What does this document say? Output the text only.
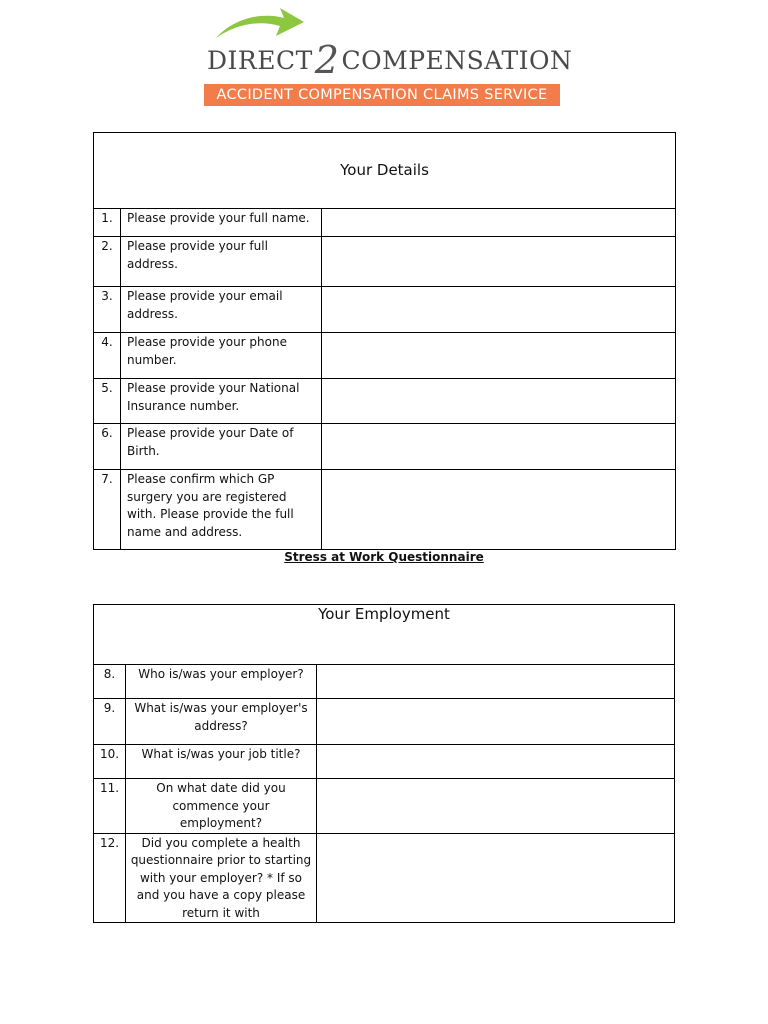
DIRECT2COMPENSATION
ACCIDENT COMPENSATION CLAIMS SERVICE
Your Details		
1.	Please provide your full name.	
2.	Please provide your full address.	
3.	Please provide your email address.	
4.	Please provide your phone number.	
5.	Please provide your National Insurance number.	
6.	Please provide your Date of Birth.	
7.	Please confirm which GP surgery you are registered with. Please provide the full name and address.	
Stress at Work Questionnaire
Your Employment		
8.	Who is/was your employer?	
9.	What is/was your employer's address?	
10.	What is/was your job title?	
11.	On what date did you commence your employment?	
12.	Did you complete a health questionnaire prior to starting with your employer? * If so and you have a copy please return it with	
